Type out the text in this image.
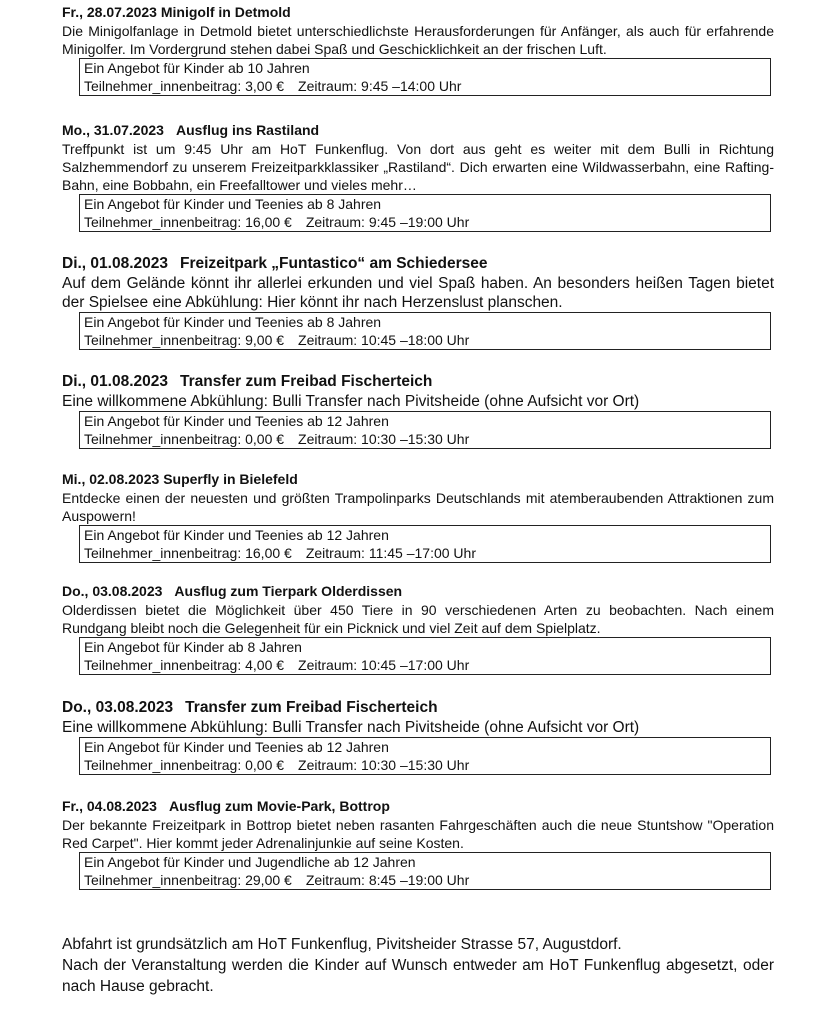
Fr., 28.07.2023 Minigolf in Detmold

Die Minigolfanlage in Detmold bietet unterschiedlichste Herausforderungen für Anfänger, als auch für erfahrende Minigolfer. Im Vordergrund stehen dabei Spaß und Geschicklichkeit an der frischen Luft.

Ein Angebot für Kinder ab 10 Jahren
Teilnehmer_innenbeitrag: 3,00 € Zeitraum: 9:45 –14:00 Uhr
Mo., 31.07.2023 Ausflug ins Rastiland

Treffpunkt ist um 9:45 Uhr am HoT Funkenflug. Von dort aus geht es weiter mit dem Bulli in Richtung Salzhemmendorf zu unserem Freizeitparkklassiker „Rastiland“. Dich erwarten eine Wildwasserbahn, eine Rafting-Bahn, eine Bobbahn, ein Freefalltower und vieles mehr…

Ein Angebot für Kinder und Teenies ab 8 Jahren
Teilnehmer_innenbeitrag: 16,00 € Zeitraum: 9:45 –19:00 Uhr
Di., 01.08.2023 Freizeitpark „Funtastico“ am Schiedersee

Auf dem Gelände könnt ihr allerlei erkunden und viel Spaß haben. An besonders heißen Tagen bietet der Spielsee eine Abkühlung: Hier könnt ihr nach Herzenslust planschen.

Ein Angebot für Kinder und Teenies ab 8 Jahren
Teilnehmer_innenbeitrag: 9,00 € Zeitraum: 10:45 –18:00 Uhr
Di., 01.08.2023 Transfer zum Freibad Fischerteich

Eine willkommene Abkühlung: Bulli Transfer nach Pivitsheide (ohne Aufsicht vor Ort)

Ein Angebot für Kinder und Teenies ab 12 Jahren
Teilnehmer_innenbeitrag: 0,00 € Zeitraum: 10:30 –15:30 Uhr
Mi., 02.08.2023 Superfly in Bielefeld

Entdecke einen der neuesten und größten Trampolinparks Deutschlands mit atemberaubenden Attraktionen zum Auspowern!

Ein Angebot für Kinder und Teenies ab 12 Jahren
Teilnehmer_innenbeitrag: 16,00 € Zeitraum: 11:45 –17:00 Uhr
Do., 03.08.2023 Ausflug zum Tierpark Olderdissen

Olderdissen bietet die Möglichkeit über 450 Tiere in 90 verschiedenen Arten zu beobachten. Nach einem Rundgang bleibt noch die Gelegenheit für ein Picknick und viel Zeit auf dem Spielplatz.

Ein Angebot für Kinder ab 8 Jahren
Teilnehmer_innenbeitrag: 4,00 € Zeitraum: 10:45 –17:00 Uhr
Do., 03.08.2023 Transfer zum Freibad Fischerteich

Eine willkommene Abkühlung: Bulli Transfer nach Pivitsheide (ohne Aufsicht vor Ort)

Ein Angebot für Kinder und Teenies ab 12 Jahren
Teilnehmer_innenbeitrag: 0,00 € Zeitraum: 10:30 –15:30 Uhr
Fr., 04.08.2023 Ausflug zum Movie-Park, Bottrop

Der bekannte Freizeitpark in Bottrop bietet neben rasanten Fahrgeschäften auch die neue Stuntshow "Operation Red Carpet". Hier kommt jeder Adrenalinjunkie auf seine Kosten.

Ein Angebot für Kinder und Jugendliche ab 12 Jahren
Teilnehmer_innenbeitrag: 29,00 € Zeitraum: 8:45 –19:00 Uhr

Abfahrt ist grundsätzlich am HoT Funkenflug, Pivitsheider Strasse 57, Augustdorf.

Nach der Veranstaltung werden die Kinder auf Wunsch entweder am HoT Funkenflug abgesetzt, oder nach Hause gebracht.
